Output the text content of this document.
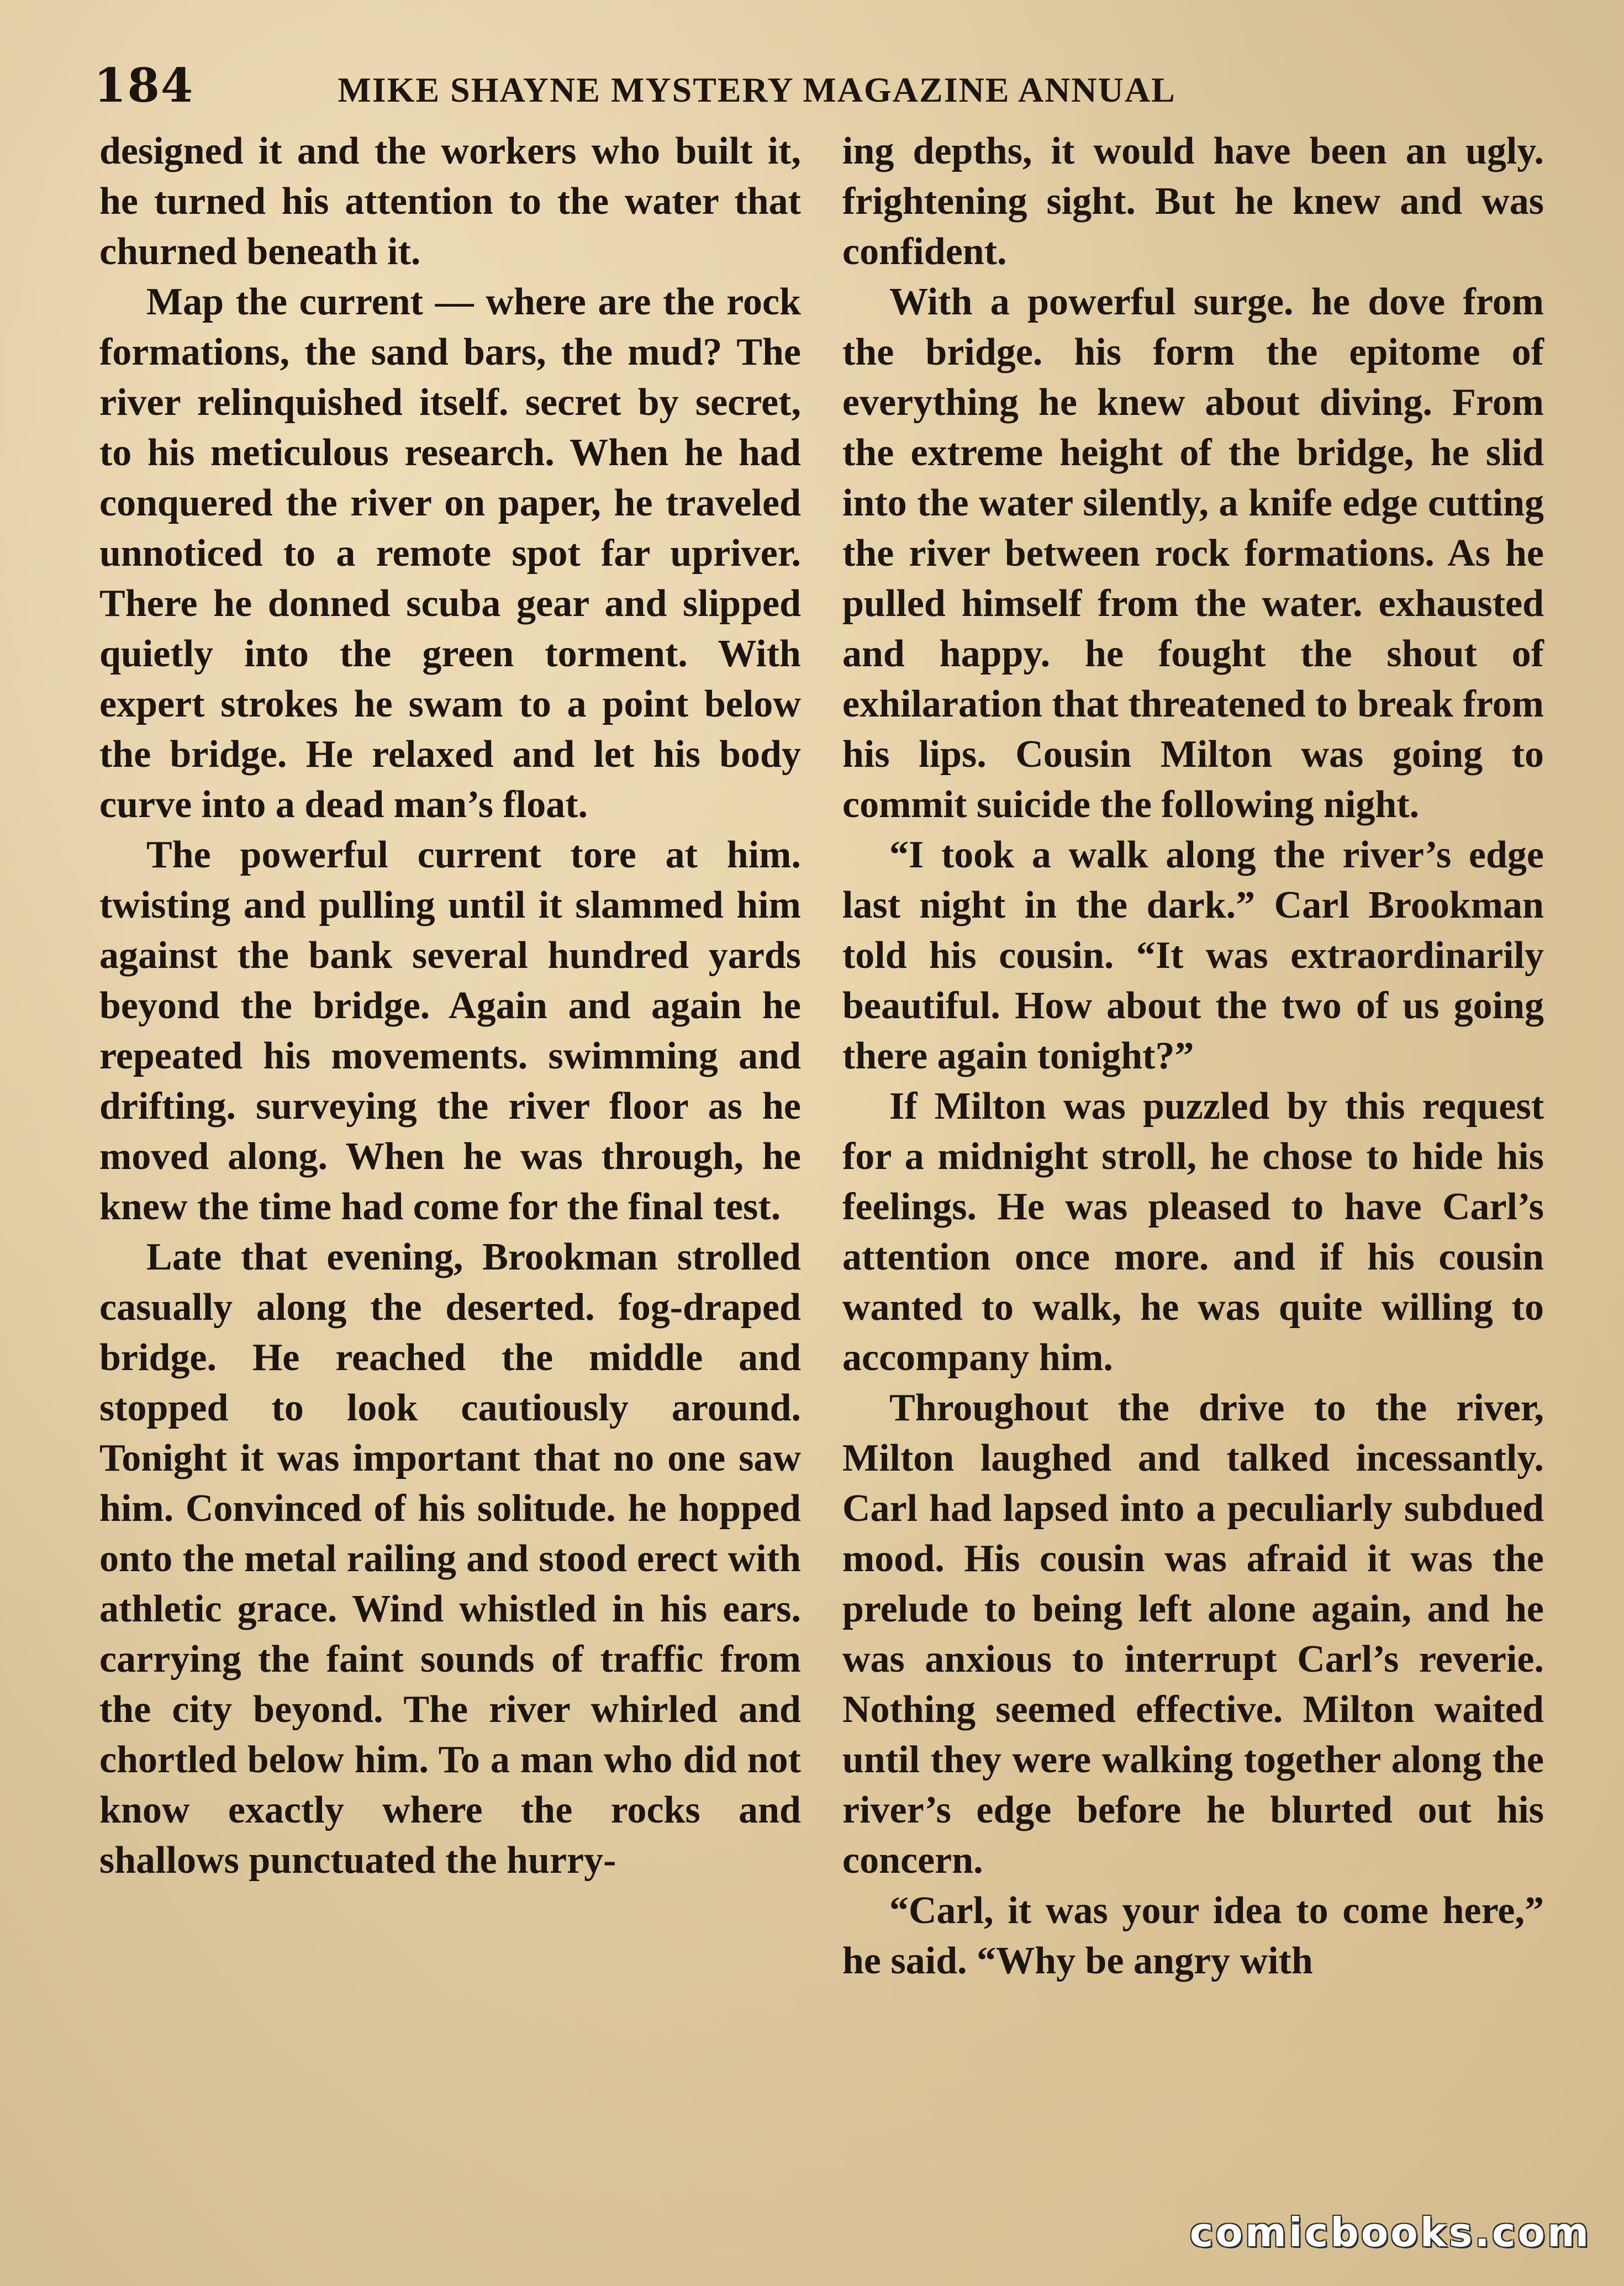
184	MIKE SHAYNE MYSTERY MAGAZINE ANNUAL

designed it and the workers who built it, he turned his attention to the water that churned beneath it.

Map the current — where are the rock formations, the sand bars, the mud? The river relinquished itself. secret by secret, to his meticulous research. When he had conquered the river on paper, he traveled unnoticed to a remote spot far upriver. There he donned scuba gear and slipped quietly into the green torment. With expert strokes he swam to a point below the bridge. He relaxed and let his body curve into a dead man’s float.

The powerful current tore at him. twisting and pulling until it slammed him against the bank several hundred yards beyond the bridge. Again and again he repeated his movements. swimming and drifting. surveying the river floor as he moved along. When he was through, he knew the time had come for the final test.

Late that evening, Brookman strolled casually along the deserted. fog-draped bridge. He reached the middle and stopped to look cautiously around. Tonight it was important that no one saw him. Convinced of his solitude. he hopped onto the metal railing and stood erect with athletic grace. Wind whistled in his ears. carrying the faint sounds of traffic from the city beyond. The river whirled and chortled below him. To a man who did not know exactly where the rocks and shallows punctuated the hurry-

ing depths, it would have been an ugly. frightening sight. But he knew and was confident.

With a powerful surge. he dove from the bridge. his form the epitome of everything he knew about diving. From the extreme height of the bridge, he slid into the water silently, a knife edge cutting the river between rock formations. As he pulled himself from the water. exhausted and happy. he fought the shout of exhilaration that threatened to break from his lips. Cousin Milton was going to commit suicide the following night.

“I took a walk along the river’s edge last night in the dark.” Carl Brookman told his cousin. “It was extraordinarily beautiful. How about the two of us going there again tonight?”

If Milton was puzzled by this request for a midnight stroll, he chose to hide his feelings. He was pleased to have Carl’s attention once more. and if his cousin wanted to walk, he was quite willing to accompany him.

Throughout the drive to the river, Milton laughed and talked incessantly. Carl had lapsed into a peculiarly subdued mood. His cousin was afraid it was the prelude to being left alone again, and he was anxious to interrupt Carl’s reverie. Nothing seemed effective. Milton waited until they were walking together along the river’s edge before he blurted out his concern.

“Carl, it was your idea to come here,” he said. “Why be angry with

comicbooks.com
